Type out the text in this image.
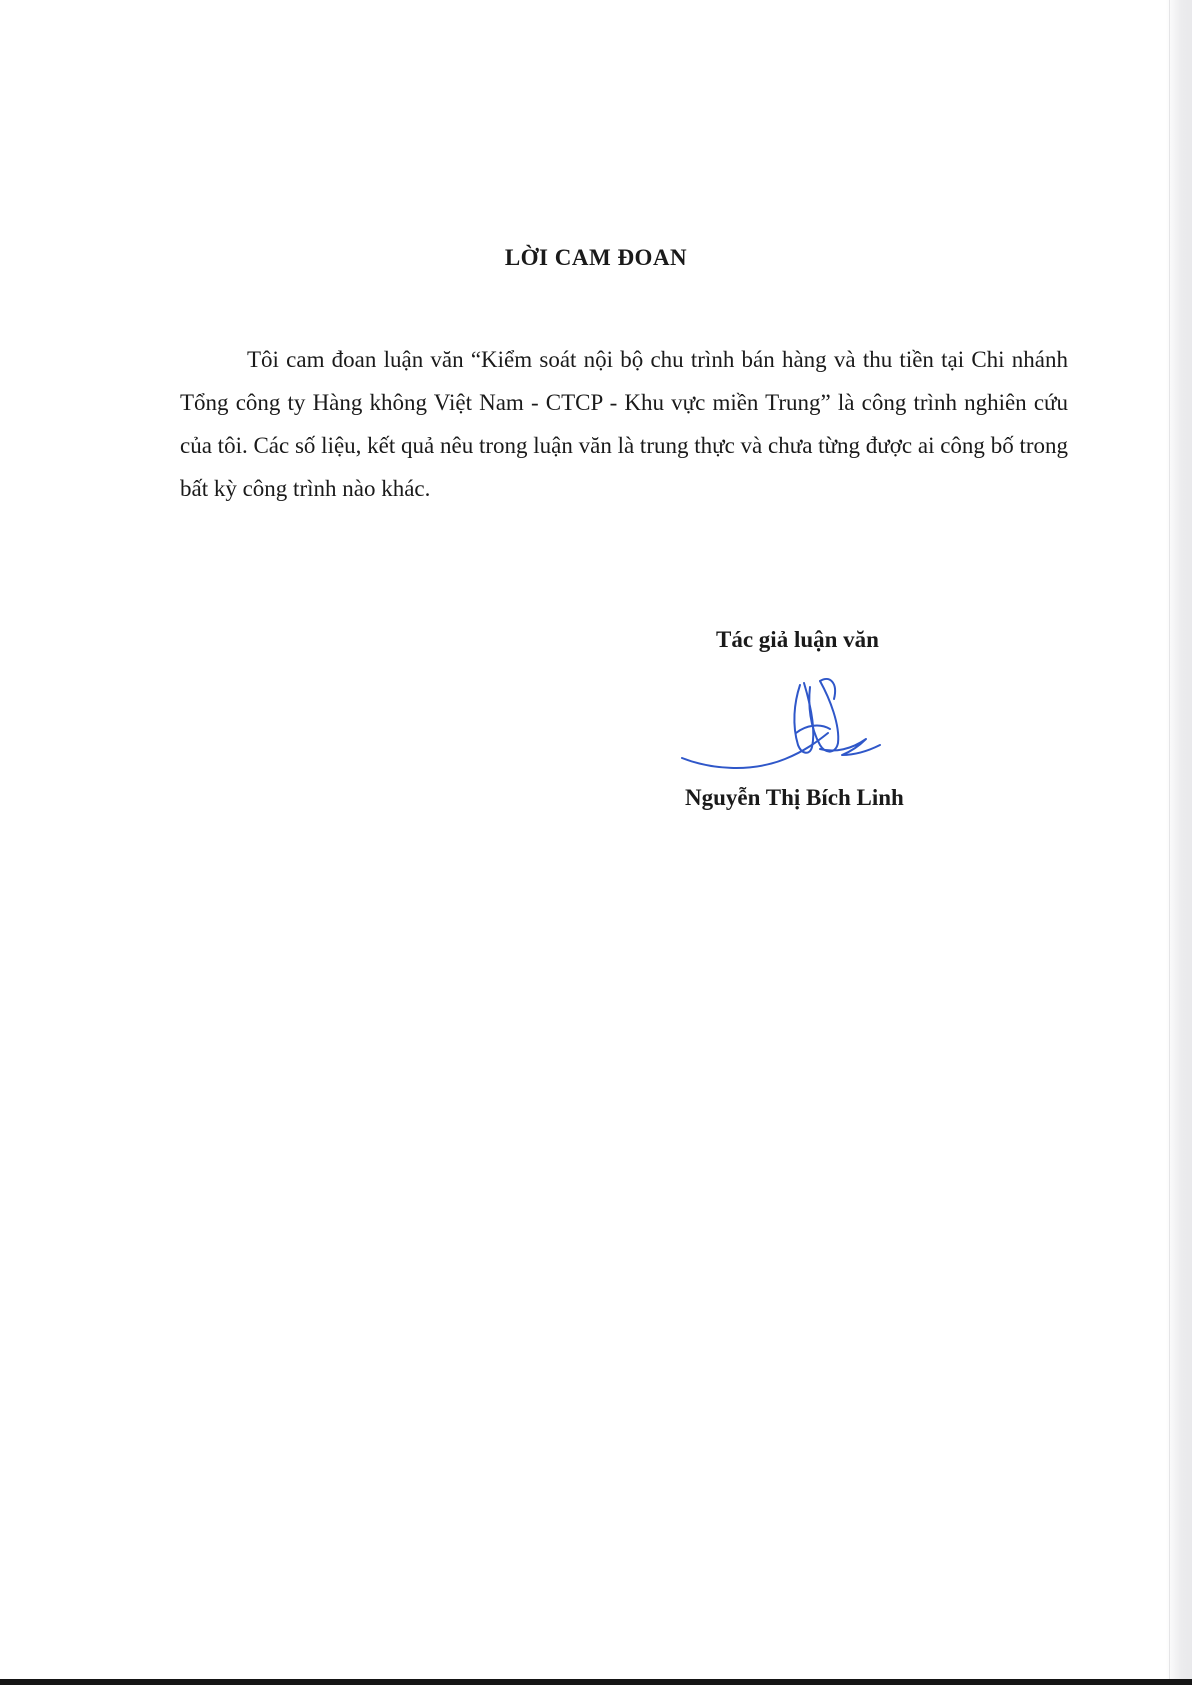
LỜI CAM ĐOAN

Tôi cam đoan luận văn “Kiểm soát nội bộ chu trình bán hàng và thu tiền tại Chi nhánh Tổng công ty Hàng không Việt Nam - CTCP - Khu vực miền Trung” là công trình nghiên cứu của tôi. Các số liệu, kết quả nêu trong luận văn là trung thực và chưa từng được ai công bố trong bất kỳ công trình nào khác.

Tác giả luận văn
Nguyễn Thị Bích Linh
